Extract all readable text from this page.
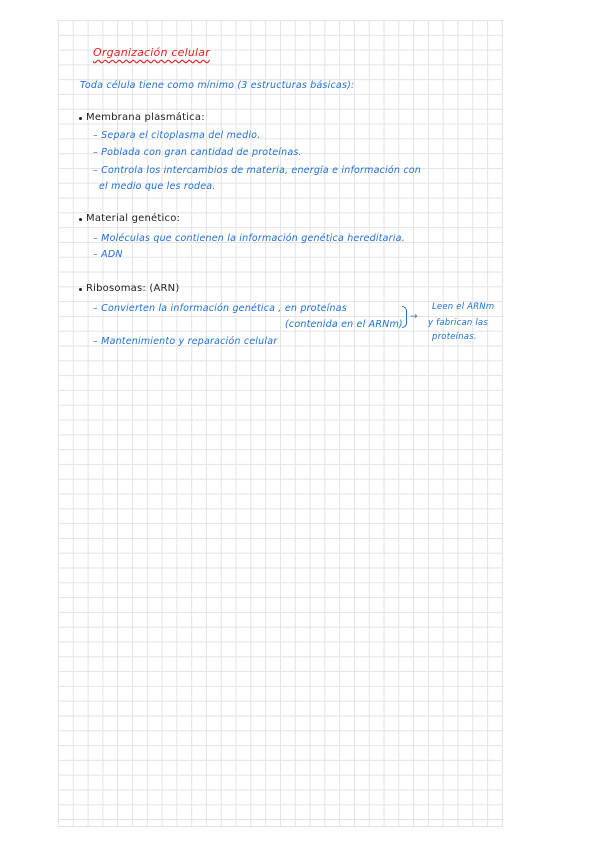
Organización celular
Toda célula tiene como mínimo (3 estructuras básicas):
Membrana plasmática:
– Separa el citoplasma del medio.
– Poblada con gran cantidad de proteínas.
– Controla los intercambios de materia, energía e información con
el medio que les rodea.
Material genético:
– Moléculas que contienen la información genética hereditaria.
– ADN
Ribosomas: (ARN)
– Convierten la información genética , en proteínas
(contenida en el ARNm)
– Mantenimiento y reparación celular
→
Leen el ARNm
y fabrican las
proteínas.
